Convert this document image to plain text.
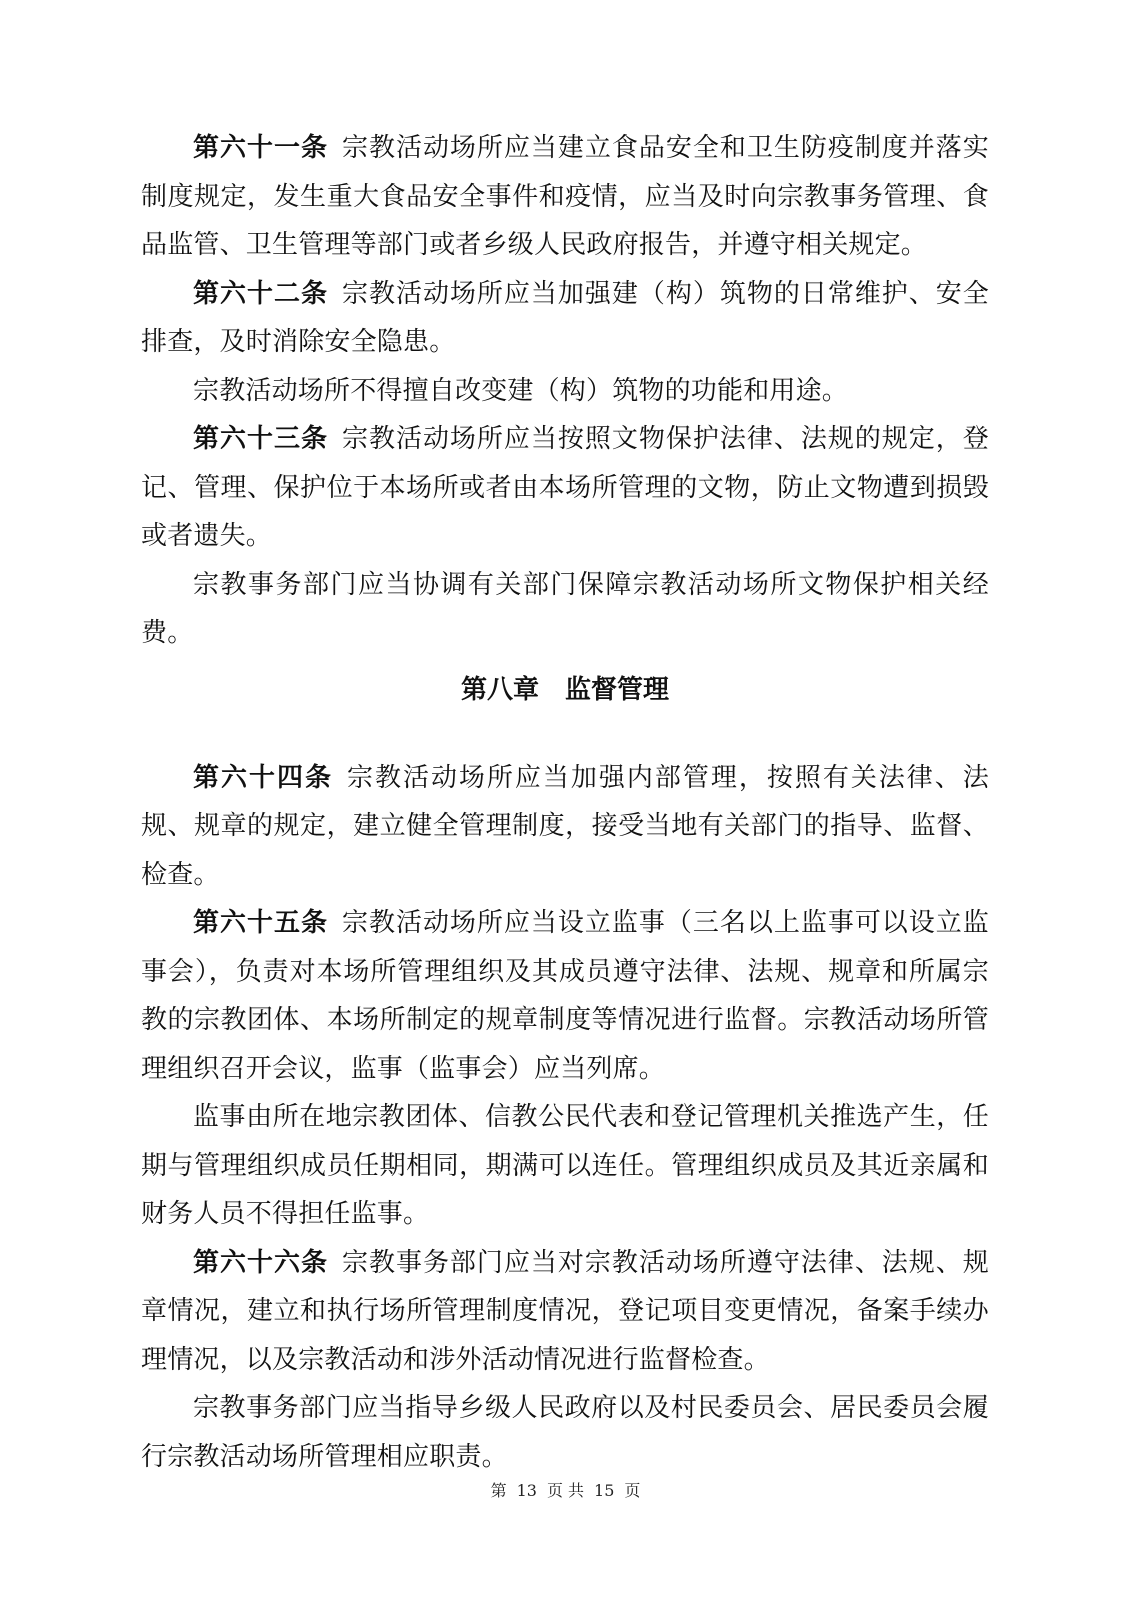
第六十一条 宗教活动场所应当建立食品安全和卫生防疫制度并落实制度规定，发生重大食品安全事件和疫情，应当及时向宗教事务管理、食品监管、卫生管理等部门或者乡级人民政府报告，并遵守相关规定。

第六十二条 宗教活动场所应当加强建（构）筑物的日常维护、安全排查，及时消除安全隐患。

宗教活动场所不得擅自改变建（构）筑物的功能和用途。

第六十三条 宗教活动场所应当按照文物保护法律、法规的规定，登记、管理、保护位于本场所或者由本场所管理的文物，防止文物遭到损毁或者遗失。

宗教事务部门应当协调有关部门保障宗教活动场所文物保护相关经费。

第八章　监督管理

第六十四条 宗教活动场所应当加强内部管理，按照有关法律、法规、规章的规定，建立健全管理制度，接受当地有关部门的指导、监督、检查。

第六十五条 宗教活动场所应当设立监事（三名以上监事可以设立监事会），负责对本场所管理组织及其成员遵守法律、法规、规章和所属宗教的宗教团体、本场所制定的规章制度等情况进行监督。宗教活动场所管理组织召开会议，监事（监事会）应当列席。

监事由所在地宗教团体、信教公民代表和登记管理机关推选产生，任期与管理组织成员任期相同，期满可以连任。管理组织成员及其近亲属和财务人员不得担任监事。

第六十六条 宗教事务部门应当对宗教活动场所遵守法律、法规、规章情况，建立和执行场所管理制度情况，登记项目变更情况，备案手续办理情况，以及宗教活动和涉外活动情况进行监督检查。

宗教事务部门应当指导乡级人民政府以及村民委员会、居民委员会履行宗教活动场所管理相应职责。

第 13 页 共 15 页
